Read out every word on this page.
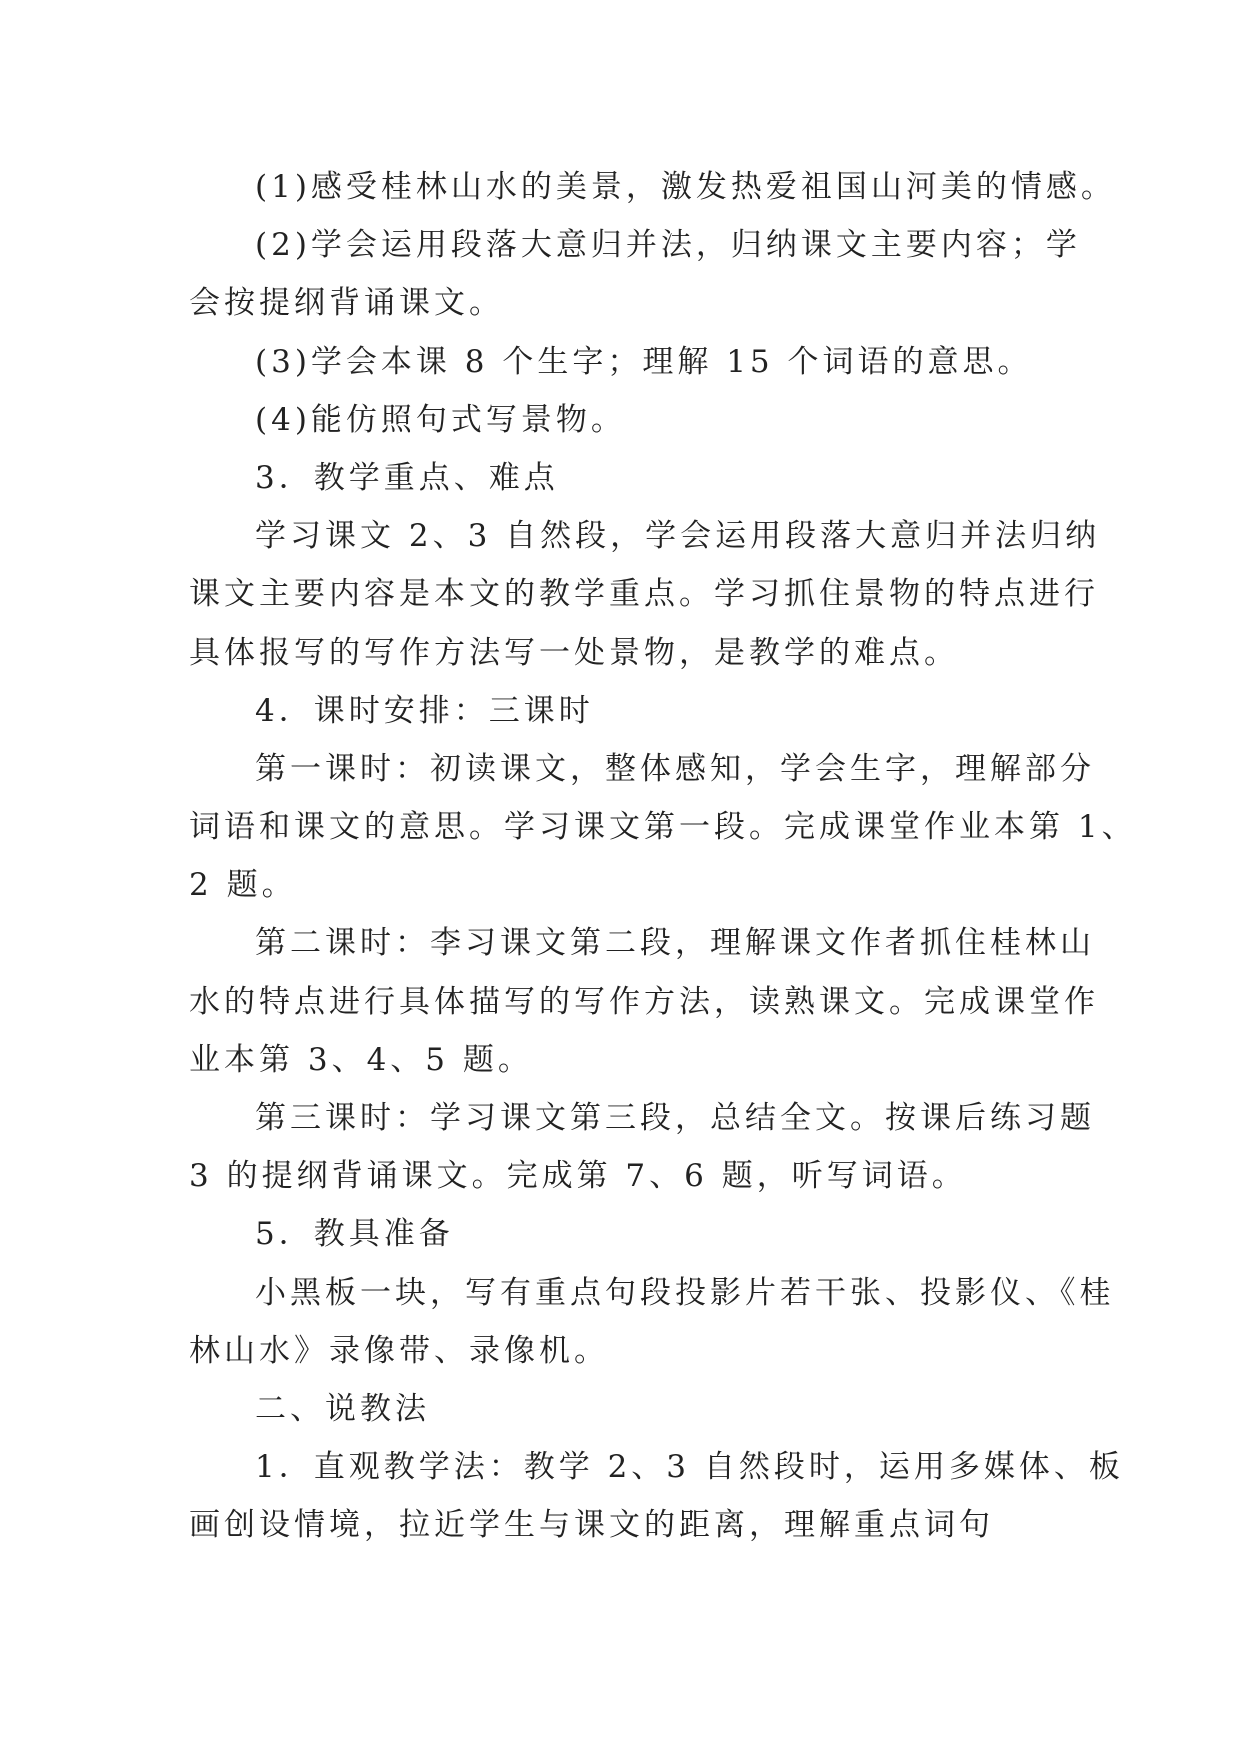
(1)感受桂林山水的美景，激发热爱祖国山河美的情感。
(2)学会运用段落大意归并法，归纳课文主要内容；学
会按提纲背诵课文。
(3)学会本课 8 个生字；理解 15 个词语的意思。
(4)能仿照句式写景物。
3．教学重点、难点
学习课文 2、3 自然段，学会运用段落大意归并法归纳
课文主要内容是本文的教学重点。学习抓住景物的特点进行
具体报写的写作方法写一处景物，是教学的难点。
4．课时安排：三课时
第一课时：初读课文，整体感知，学会生字，理解部分
词语和课文的意思。学习课文第一段。完成课堂作业本第 1、
2 题。
第二课时：李习课文第二段，理解课文作者抓住桂林山
水的特点进行具体描写的写作方法，读熟课文。完成课堂作
业本第 3、4、5 题。
第三课时：学习课文第三段，总结全文。按课后练习题
3 的提纲背诵课文。完成第 7、6 题，听写词语。
5．教具准备
小黑板一块，写有重点句段投影片若干张、投影仪、《桂
林山水》录像带、录像机。
二、说教法
1．直观教学法：教学 2、3 自然段时，运用多媒体、板
画创设情境，拉近学生与课文的距离，理解重点词句
